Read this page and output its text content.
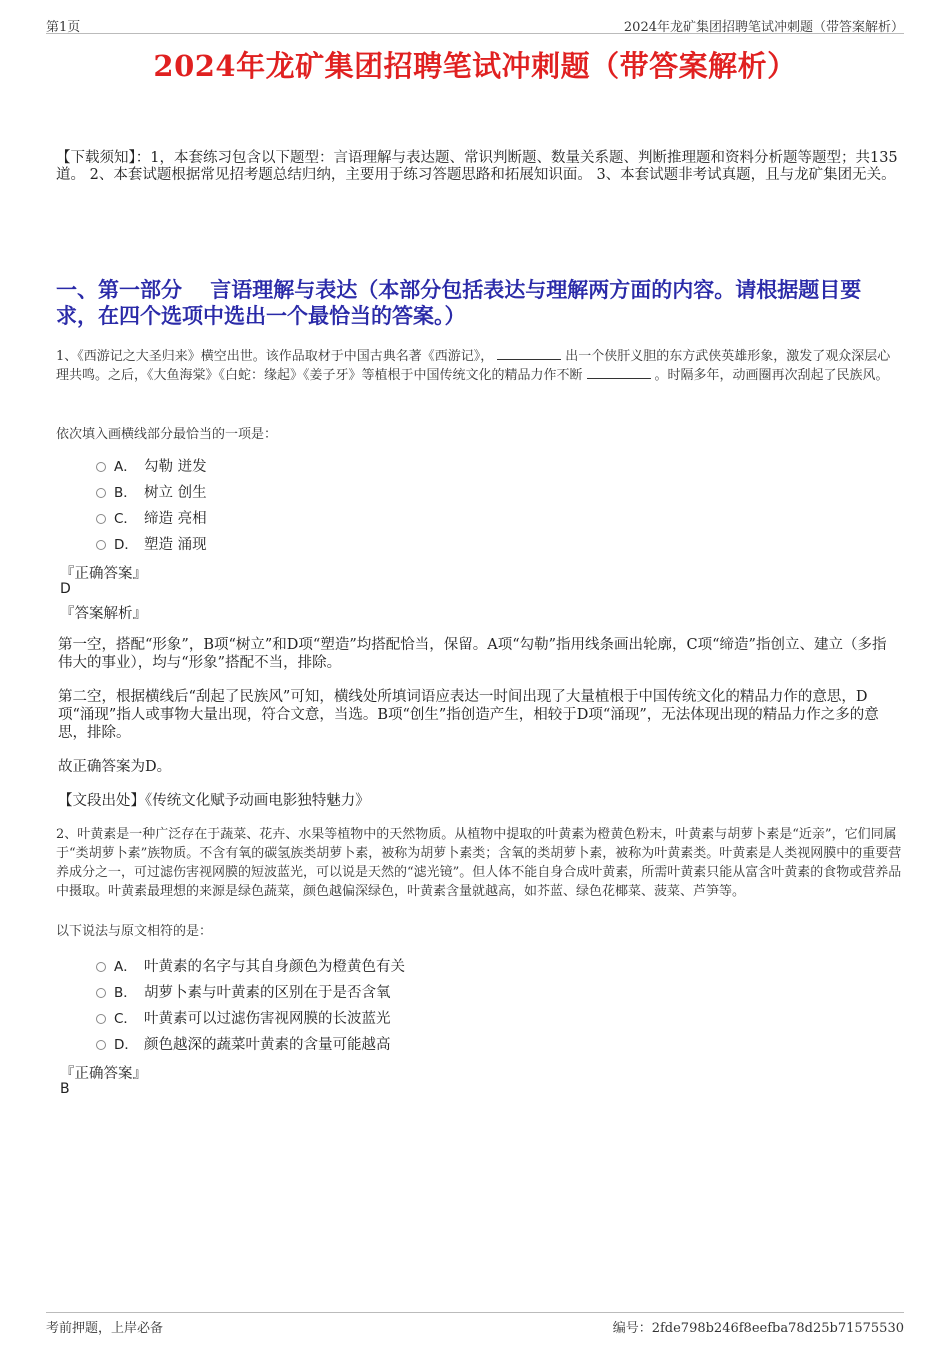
第1页	2024年龙矿集团招聘笔试冲刺题（带答案解析）
2024年龙矿集团招聘笔试冲刺题（带答案解析）

【下载须知】：1，本套练习包含以下题型：言语理解与表达题、常识判断题、数量关系题、判断推理题和资料分析题等题型；共135道。 2、本套试题根据常见招考题总结归纳，主要用于练习答题思路和拓展知识面。 3、本套试题非考试真题，且与龙矿集团无关。

一、第一部分　 言语理解与表达（本部分包括表达与理解两方面的内容。请根据题目要求，在四个选项中选出一个最恰当的答案。）

1、《西游记之大圣归来》横空出世。该作品取材于中国古典名著《西游记》，	出一个侠肝义胆的东方武侠英雄形象，激发了观众深层心理共鸣。之后，《大鱼海棠》《白蛇：缘起》《姜子牙》等植根于中国传统文化的精品力作不断	。时隔多年，动画圈再次刮起了民族风。

依次填入画横线部分最恰当的一项是：

A． 勾勒 迸发
B． 树立 创生
C． 缔造 亮相
D． 塑造 涌现

『正确答案』

D

『答案解析』

第一空，搭配“形象”，B项“树立”和D项“塑造”均搭配恰当，保留。A项“勾勒”指用线条画出轮廓，C项“缔造”指创立、建立（多指伟大的事业），均与“形象”搭配不当，排除。

第二空，根据横线后“刮起了民族风”可知，横线处所填词语应表达一时间出现了大量植根于中国传统文化的精品力作的意思，D项“涌现”指人或事物大量出现，符合文意，当选。B项“创生”指创造产生，相较于D项“涌现”，无法体现出现的精品力作之多的意思，排除。

故正确答案为D。

【文段出处】《传统文化赋予动画电影独特魅力》

2、叶黄素是一种广泛存在于蔬菜、花卉、水果等植物中的天然物质。从植物中提取的叶黄素为橙黄色粉末，叶黄素与胡萝卜素是“近亲”，它们同属于“类胡萝卜素”族物质。不含有氧的碳氢族类胡萝卜素，被称为胡萝卜素类；含氧的类胡萝卜素，被称为叶黄素类。叶黄素是人类视网膜中的重要营养成分之一，可过滤伤害视网膜的短波蓝光，可以说是天然的“滤光镜”。但人体不能自身合成叶黄素，所需叶黄素只能从富含叶黄素的食物或营养品中摄取。叶黄素最理想的来源是绿色蔬菜，颜色越偏深绿色，叶黄素含量就越高，如芥蓝、绿色花椰菜、菠菜、芦笋等。

以下说法与原文相符的是：

A． 叶黄素的名字与其自身颜色为橙黄色有关
B． 胡萝卜素与叶黄素的区别在于是否含氧
C． 叶黄素可以过滤伤害视网膜的长波蓝光
D． 颜色越深的蔬菜叶黄素的含量可能越高

『正确答案』

B

考前押题，上岸必备	编号：2fde798b246f8eefba78d25b71575530
